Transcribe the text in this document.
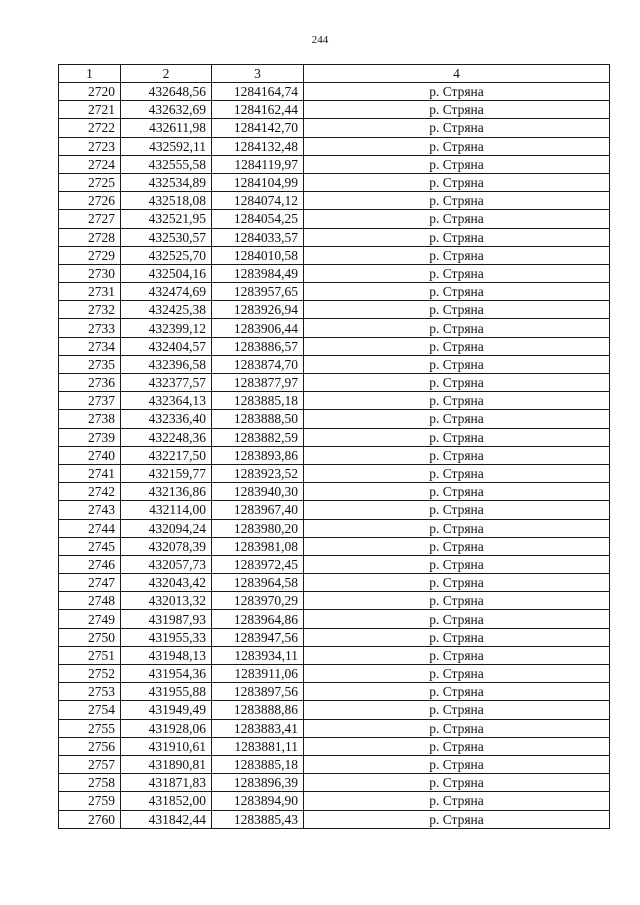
244
1	2	3	4
2720	432648,56	1284164,74	р. Стряна
2721	432632,69	1284162,44	р. Стряна
2722	432611,98	1284142,70	р. Стряна
2723	432592,11	1284132,48	р. Стряна
2724	432555,58	1284119,97	р. Стряна
2725	432534,89	1284104,99	р. Стряна
2726	432518,08	1284074,12	р. Стряна
2727	432521,95	1284054,25	р. Стряна
2728	432530,57	1284033,57	р. Стряна
2729	432525,70	1284010,58	р. Стряна
2730	432504,16	1283984,49	р. Стряна
2731	432474,69	1283957,65	р. Стряна
2732	432425,38	1283926,94	р. Стряна
2733	432399,12	1283906,44	р. Стряна
2734	432404,57	1283886,57	р. Стряна
2735	432396,58	1283874,70	р. Стряна
2736	432377,57	1283877,97	р. Стряна
2737	432364,13	1283885,18	р. Стряна
2738	432336,40	1283888,50	р. Стряна
2739	432248,36	1283882,59	р. Стряна
2740	432217,50	1283893,86	р. Стряна
2741	432159,77	1283923,52	р. Стряна
2742	432136,86	1283940,30	р. Стряна
2743	432114,00	1283967,40	р. Стряна
2744	432094,24	1283980,20	р. Стряна
2745	432078,39	1283981,08	р. Стряна
2746	432057,73	1283972,45	р. Стряна
2747	432043,42	1283964,58	р. Стряна
2748	432013,32	1283970,29	р. Стряна
2749	431987,93	1283964,86	р. Стряна
2750	431955,33	1283947,56	р. Стряна
2751	431948,13	1283934,11	р. Стряна
2752	431954,36	1283911,06	р. Стряна
2753	431955,88	1283897,56	р. Стряна
2754	431949,49	1283888,86	р. Стряна
2755	431928,06	1283883,41	р. Стряна
2756	431910,61	1283881,11	р. Стряна
2757	431890,81	1283885,18	р. Стряна
2758	431871,83	1283896,39	р. Стряна
2759	431852,00	1283894,90	р. Стряна
2760	431842,44	1283885,43	р. Стряна
